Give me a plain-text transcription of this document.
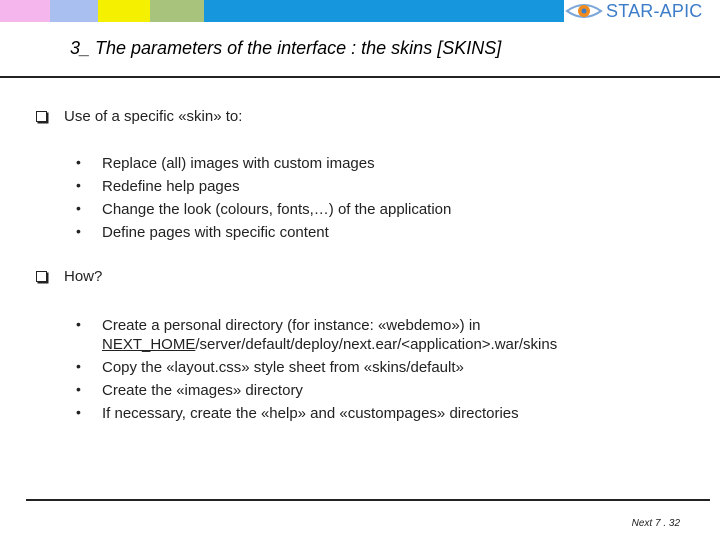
STAR-APIC
3_ The parameters of the interface : the skins [SKINS]
Use of a specific «skin» to:
• Replace (all) images with custom images
• Redefine help pages
• Change the look (colours, fonts,…) of the application
• Define pages with specific content
How?
• Create a personal directory (for instance: «webdemo») in
NEXT_HOME/server/default/deploy/next.ear/<application>.war/skins
• Copy the «layout.css» style sheet from «skins/default»
• Create the «images» directory
• If necessary, create the «help» and «custompages» directories
Next 7 . 32
